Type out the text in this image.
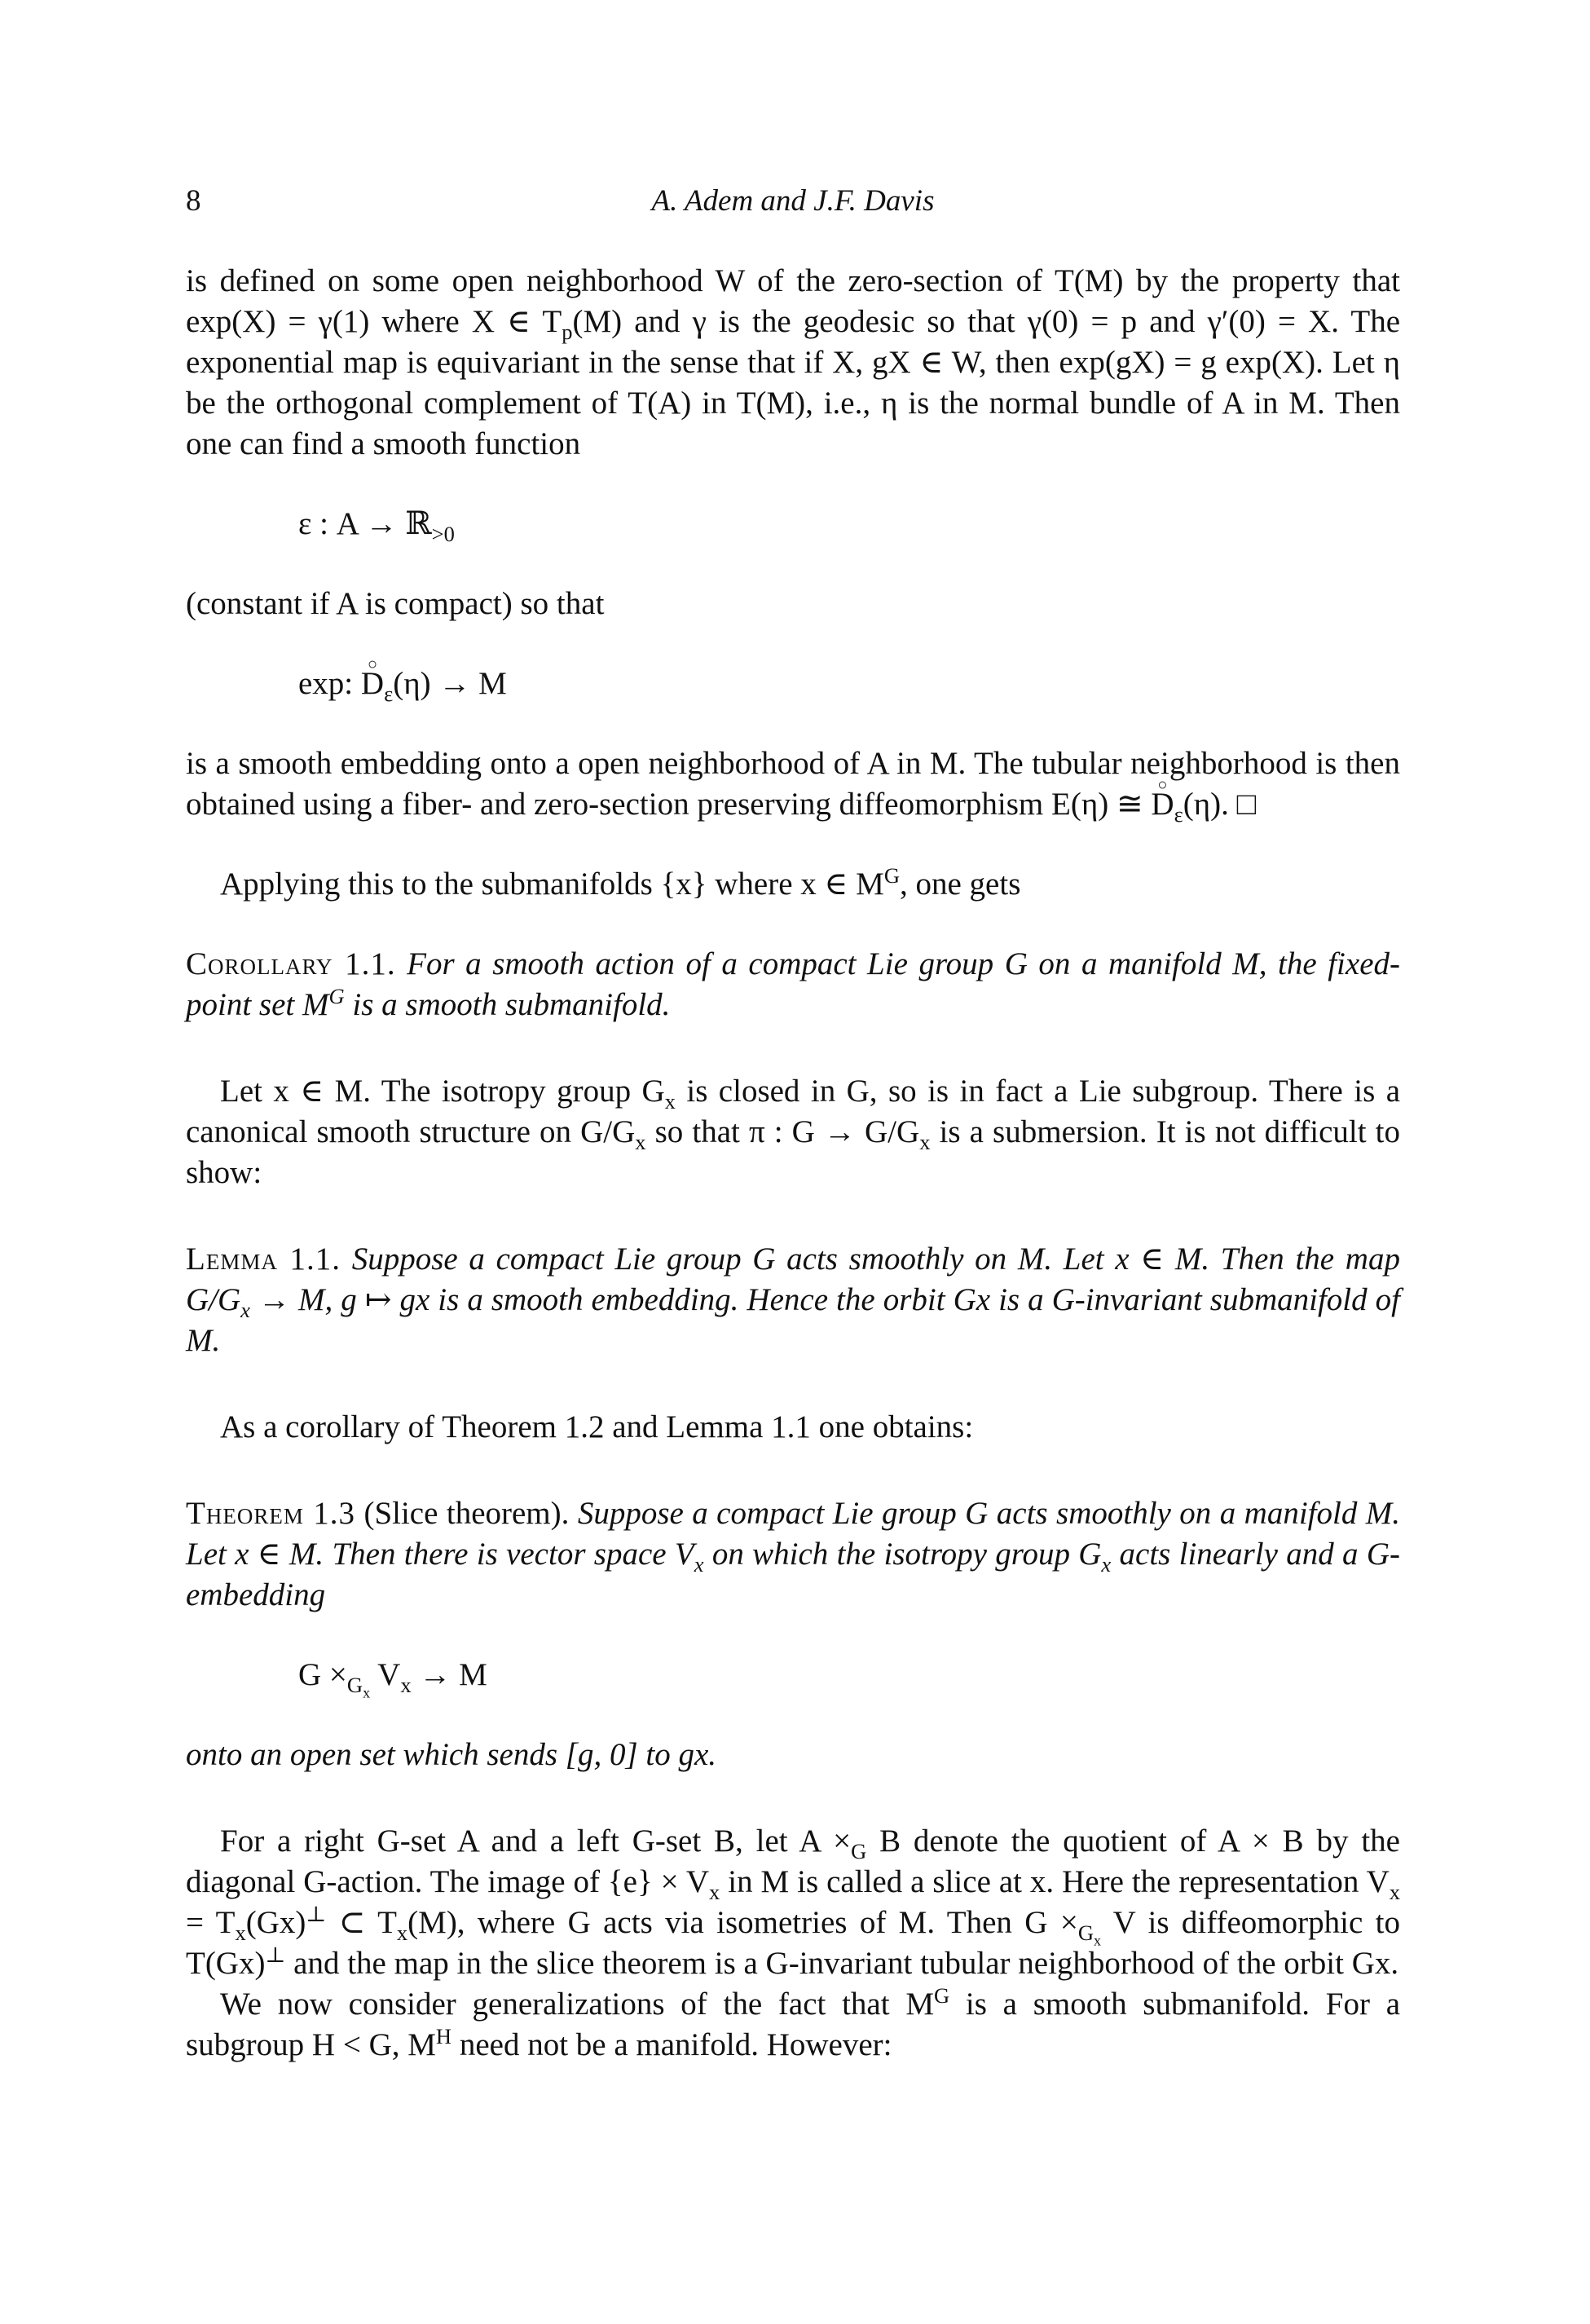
8	A. Adem and J.F. Davis

is defined on some open neighborhood W of the zero-section of T(M) by the property that exp(X) = γ(1) where X ∈ $T_p(M)$ and γ is the geodesic so that γ(0) = p and γ′(0) = X. The exponential map is equivariant in the sense that if X, gX ∈ W, then exp(gX) = g exp(X). Let η be the orthogonal complement of T(A) in T(M), i.e., η is the normal bundle of A in M. Then one can find a smooth function

ε : A → ℝ$_{>0}$

(constant if A is compact) so that

exp: ○ $D_\varepsilon(\eta) \to M$

is a smooth embedding onto a open neighborhood of A in M. The tubular neighborhood is then obtained using a fiber- and zero-section preserving diffeomorphism E(η) ≅ ○ $D_\varepsilon(\eta)$. □

Applying this to the submanifolds {x} where x ∈ $M^G$, one gets

Corollary 1.1. For a smooth action of a compact Lie group G on a manifold M, the fixed-point set $M^G$ is a smooth submanifold.

Let x ∈ M. The isotropy group $G_x$ is closed in G, so is in fact a Lie subgroup. There is a canonical smooth structure on $G/G_x$ so that π : $G \to G/G_x$ is a submersion. It is not difficult to show:

Lemma 1.1. Suppose a compact Lie group G acts smoothly on M. Let x ∈ M. Then the map $G/G_x \to M$, g ↦ gx is a smooth embedding. Hence the orbit Gx is a G-invariant submanifold of M.

As a corollary of Theorem 1.2 and Lemma 1.1 one obtains:

Theorem 1.3 (Slice theorem). Suppose a compact Lie group G acts smoothly on a manifold M. Let x ∈ M. Then there is vector space $V_x$ on which the isotropy group $G_x$ acts linearly and a G-embedding

$G \times_{G_x}$ $V_x \to M$

onto an open set which sends [g, 0] to gx.

For a right G-set A and a left G-set B, let $A \times_G$ B denote the quotient of A × B by the diagonal G-action. The image of $\{e\} \times V_x$ in M is called a slice at x. Here the representation $V_x = T_x(Gx)^\perp$ ⊂ $T_x(M)$, where G acts via isometries of M. Then $G \times_{G_x}$ V is diffeomorphic to T(Gx)⊥ and the map in the slice theorem is a G-invariant tubular neighborhood of the orbit Gx.

We now consider generalizations of the fact that $M^G$ is a smooth submanifold. For a subgroup H < G, $M^H$ need not be a manifold. However:
